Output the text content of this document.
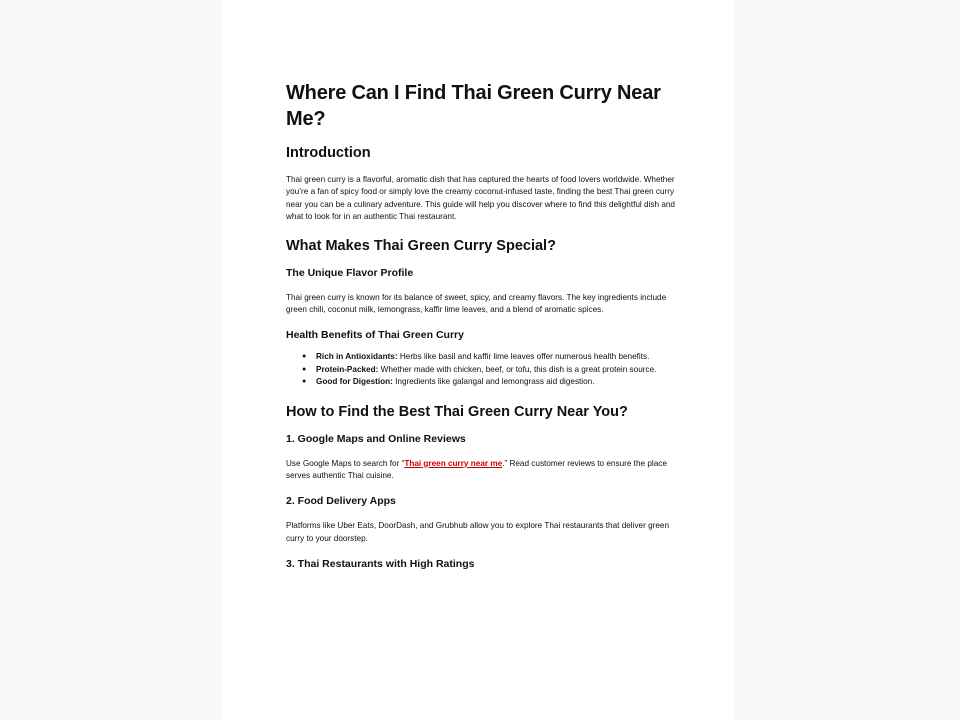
Where Can I Find Thai Green Curry Near Me?
Introduction

Thai green curry is a flavorful, aromatic dish that has captured the hearts of food lovers worldwide. Whether you’re a fan of spicy food or simply love the creamy coconut-infused taste, finding the best Thai green curry near you can be a culinary adventure. This guide will help you discover where to find this delightful dish and what to look for in an authentic Thai restaurant.

What Makes Thai Green Curry Special?
The Unique Flavor Profile

Thai green curry is known for its balance of sweet, spicy, and creamy flavors. The key ingredients include green chili, coconut milk, lemongrass, kaffir lime leaves, and a blend of aromatic spices.

Health Benefits of Thai Green Curry
● Rich in Antioxidants: Herbs like basil and kaffir lime leaves offer numerous health benefits.
● Protein-Packed: Whether made with chicken, beef, or tofu, this dish is a great protein source.
● Good for Digestion: Ingredients like galangal and lemongrass aid digestion.
How to Find the Best Thai Green Curry Near You?
1. Google Maps and Online Reviews

Use Google Maps to search for “Thai green curry near me.” Read customer reviews to ensure the place serves authentic Thai cuisine.

2. Food Delivery Apps

Platforms like Uber Eats, DoorDash, and Grubhub allow you to explore Thai restaurants that deliver green curry to your doorstep.

3. Thai Restaurants with High Ratings
